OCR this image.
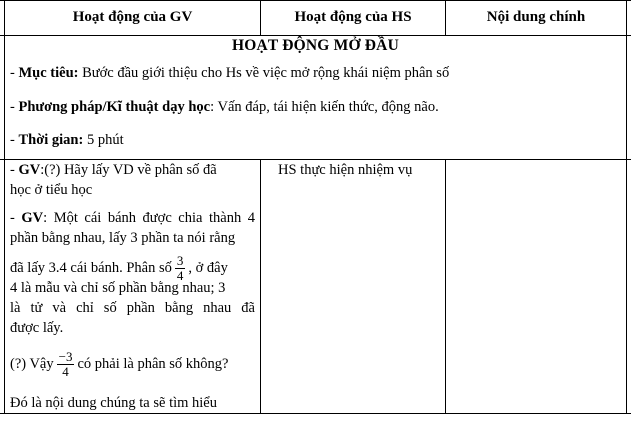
Hoạt động của GV	Hoạt động của HS	Nội dung chính
HOẠT ĐỘNG MỞ ĐẦU
- Mục tiêu: Bước đầu giới thiệu cho Hs về việc mở rộng khái niệm phân số
- Phương pháp/Kĩ thuật dạy học: Vấn đáp, tái hiện kiến thức, động não.
- Thời gian: 5 phút
- GV:(?) Hãy lấy VD về phân số đã
học ở tiểu học
- GV: Một cái bánh được chia thành 4
phần bằng nhau, lấy 3 phần ta nói rằng
đã lấy 3.4 cái bánh. Phân số $\frac{3}{4}$ , ở đây
4 là mẫu và chỉ số phần bằng nhau; 3
là tử và chỉ số phần bằng nhau đã
được lấy.
(?) Vậy $\frac{-3}{4}$ có phải là phân số không?
Đó là nội dung chúng ta sẽ tìm hiểu
HS thực hiện nhiệm vụ
